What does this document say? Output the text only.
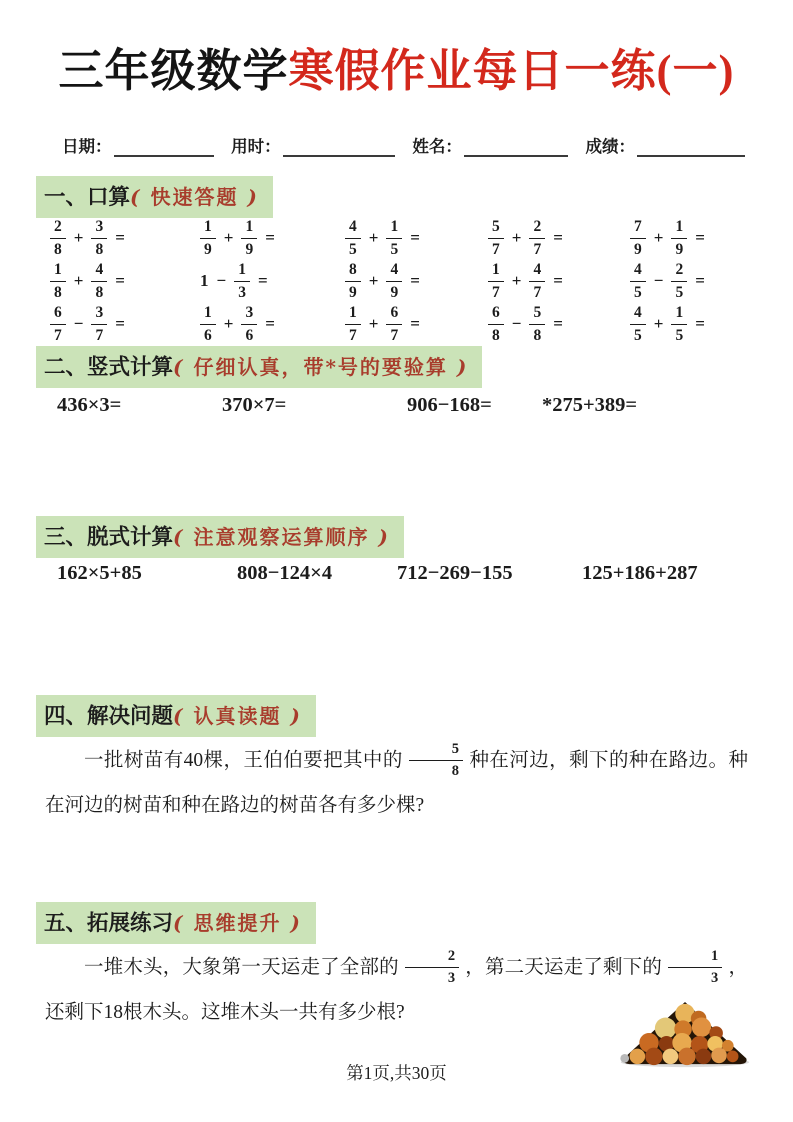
三年级数学寒假作业每日一练(一)
日期：	用时：	姓名：	成绩：
一、口算( 快速答题 )
$\frac{2}{8} + \frac{3}{8}$ =	$\frac{1}{9} + \frac{1}{9}$ =	$\frac{4}{5} + \frac{1}{5}$ =	$\frac{5}{7} + \frac{2}{7}$ =	$\frac{7}{9} + \frac{1}{9}$ =
$\frac{1}{8} + \frac{4}{8}$ =	$1 - \frac{1}{3}$ =	$\frac{8}{9} + \frac{4}{9}$ =	$\frac{1}{7} + \frac{4}{7}$ =	$\frac{4}{5} - \frac{2}{5}$ =
$\frac{6}{7} - \frac{3}{7}$ =	$\frac{1}{6} + \frac{3}{6}$ =	$\frac{1}{7} + \frac{6}{7}$ =	$\frac{6}{8} - \frac{5}{8}$ =	$\frac{4}{5} + \frac{1}{5}$ =
二、竖式计算( 仔细认真，带*号的要验算 )
436×3=	370×7=	906−168=	*275+389=
三、脱式计算( 注意观察运算顺序 )
162×5+85	808−124×4	712−269−155	125+186+287
四、解决问题( 认真读题 )

一批树苗有40棵，王伯伯要把其中的 $\frac{5}{8}$ 种在河边，剩下的种在路边。种在河边的树苗和种在路边的树苗各有多少棵?

五、拓展练习( 思维提升 )

一堆木头，大象第一天运走了全部的 $\frac{2}{3}$ ，第二天运走了剩下的 $\frac{1}{3}$ ，还剩下18根木头。这堆木头一共有多少根?

第1页,共30页
